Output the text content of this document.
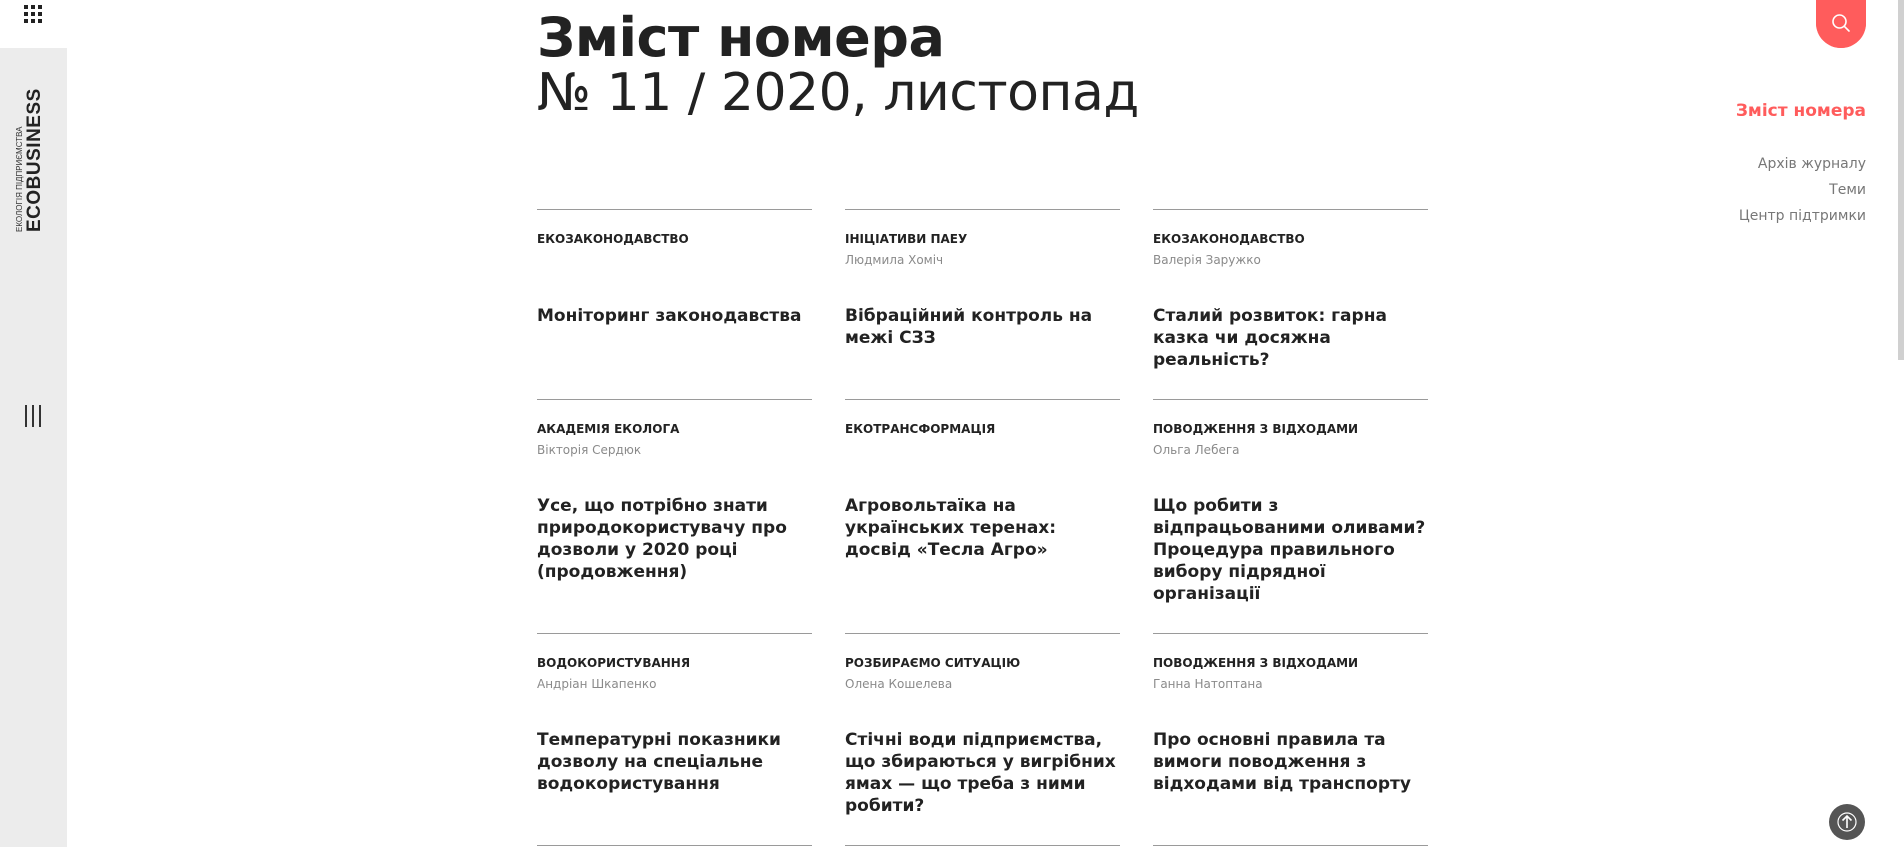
ЕКОЛОГІЯ ПІДПРИЄМСТВА ECOBUSINESS
Зміст номера
№ 11 / 2020, листопад
ЕКОЗАКОНОДАВСТВО
Моніторинг законодавства
ІНІЦІАТИВИ ПАЕУ
Людмила Хоміч
Вібраційний контроль на межі СЗЗ
ЕКОЗАКОНОДАВСТВО
Валерія Заружко
Сталий розвиток: гарна казка чи досяжна реальність?
АКАДЕМІЯ ЕКОЛОГА
Вікторія Сердюк
Усе, що потрібно знати природокористувачу про дозволи у 2020 році (продовження)
ЕКОТРАНСФОРМАЦІЯ
Агровольтаїка на українських теренах: досвід «Тесла Агро»
ПОВОДЖЕННЯ З ВІДХОДАМИ
Ольга Лебега
Що робити з відпрацьованими оливами? Процедура правильного вибору підрядної організації
ВОДОКОРИСТУВАННЯ
Андріан Шкапенко
Температурні показники дозволу на спеціальне водокористування
РОЗБИРАЄМО СИТУАЦІЮ
Олена Кошелева
Стічні води підприємства, що збираються у вигрібних ямах — що треба з ними робити?
ПОВОДЖЕННЯ З ВІДХОДАМИ
Ганна Натоптана
Про основні правила та вимоги поводження з відходами від транспорту
Зміст номера
Архів журналу
Теми
Центр підтримки
